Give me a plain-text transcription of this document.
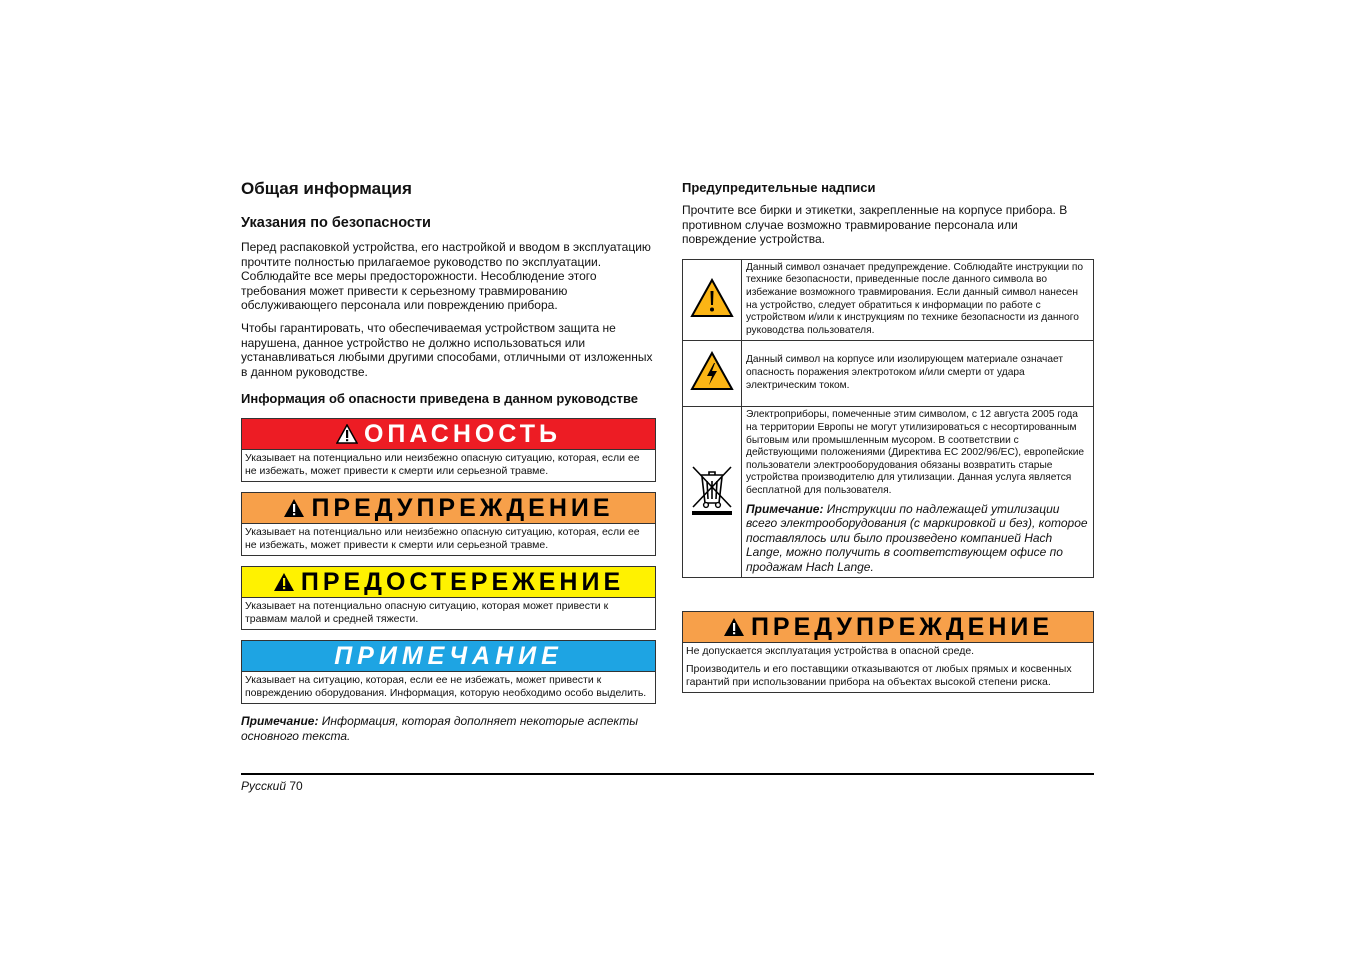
Общая информация
Указания по безопасности

Перед распаковкой устройства, его настройкой и вводом в эксплуатацию прочтите полностью прилагаемое руководство по эксплуатации. Соблюдайте все меры предосторожности. Несоблюдение этого требования может привести к серьезному травмированию обслуживающего персонала или повреждению прибора.

Чтобы гарантировать, что обеспечиваемая устройством защита не нарушена, данное устройство не должно использоваться или устанавливаться любыми другими способами, отличными от изложенных в данном руководстве.

Информация об опасности приведена в данном руководстве
ОПАСНОСТЬ
Указывает на потенциально или неизбежно опасную ситуацию, которая, если ее не избежать, может привести к смерти или серьезной травме.
ПРЕДУПРЕЖДЕНИЕ
Указывает на потенциально или неизбежно опасную ситуацию, которая, если ее не избежать, может привести к смерти или серьезной травме.
ПРЕДОСТЕРЕЖЕНИЕ
Указывает на потенциально опасную ситуацию, которая может привести к травмам малой и средней тяжести.
ПРИМЕЧАНИЕ
Указывает на ситуацию, которая, если ее не избежать, может привести к повреждению оборудования. Информация, которую необходимо особо выделить.
Примечание: Информация, которая дополняет некоторые аспекты основного текста.
Предупредительные надписи

Прочтите все бирки и этикетки, закрепленные на корпусе прибора. В противном случае возможно травмирование персонала или повреждение устройства.

	Данный символ означает предупреждение. Соблюдайте инструкции по технике безопасности, приведенные после данного символа во избежание возможного травмирования. Если данный символ нанесен на устройство, следует обратиться к информации по работе с устройством и/или к инструкциям по технике безопасности из данного руководства пользователя.
	Данный символ на корпусе или изолирующем материале означает опасность поражения электротоком и/или смерти от удара электрическим током.

Электроприборы, помеченные этим символом, с 12 августа 2005 года на территории Европы не могут утилизироваться с несортированным бытовым или промышленным мусором. В соответствии с действующими положениями (Директива ЕС 2002/96/EC), европейские пользователи электрооборудования обязаны возвратить старые устройства производителю для утилизации. Данная услуга является бесплатной для пользователя.
Примечание: Инструкции по надлежащей утилизации всего электрооборудования (с маркировкой и без), которое поставлялось или было произведено компанией Hach Lange, можно получить в соответствующем офисе по продажам Hach Lange.
ПРЕДУПРЕЖДЕНИЕ

Не допускается эксплуатация устройства в опасной среде.

Производитель и его поставщики отказываются от любых прямых и косвенных гарантий при использовании прибора на объектах высокой степени риска.

Русский 70
